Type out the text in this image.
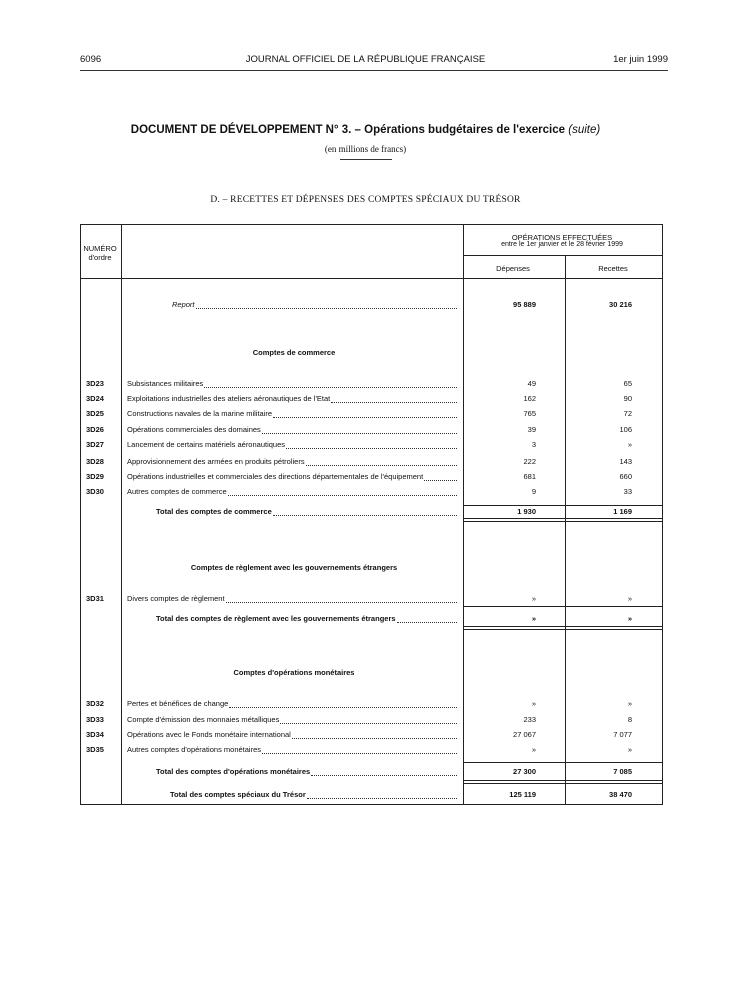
6096	JOURNAL OFFICIEL DE LA RÉPUBLIQUE FRANÇAISE	1er juin 1999
DOCUMENT DE DÉVELOPPEMENT N° 3. – Opérations budgétaires de l'exercice (suite)
(en millions de francs)
D. – RECETTES ET DÉPENSES DES COMPTES SPÉCIAUX DU TRÉSOR
NUMÉRO
d'ordre
OPÉRATIONS EFFECTUÉES
entre le 1er janvier et le 28 février 1999
Dépenses	Recettes
Report	95 889	30 216
Comptes de commerce
3D23	Subsistances militaires	49	65
3D24	Exploitations industrielles des ateliers aéronautiques de l'Etat	162	90
3D25	Constructions navales de la marine militaire	765	72
3D26	Opérations commerciales des domaines	39	106
3D27	Lancement de certains matériels aéronautiques	3	»
3D28	Approvisionnement des armées en produits pétroliers	222	143
3D29	Opérations industrielles et commerciales des directions départementales de l'équipement	681	660
3D30	Autres comptes de commerce	9	33
Total des comptes de commerce	1 930	1 169
Comptes de règlement avec les gouvernements étrangers
3D31	Divers comptes de règlement	»	»
Total des comptes de règlement avec les gouvernements étrangers	»	»
Comptes d'opérations monétaires
3D32	Pertes et bénéfices de change	»	»
3D33	Compte d'émission des monnaies métalliques	233	8
3D34	Opérations avec le Fonds monétaire international	27 067	7 077
3D35	Autres comptes d'opérations monétaires	»	»
Total des comptes d'opérations monétaires	27 300	7 085
Total des comptes spéciaux du Trésor	125 119	38 470
